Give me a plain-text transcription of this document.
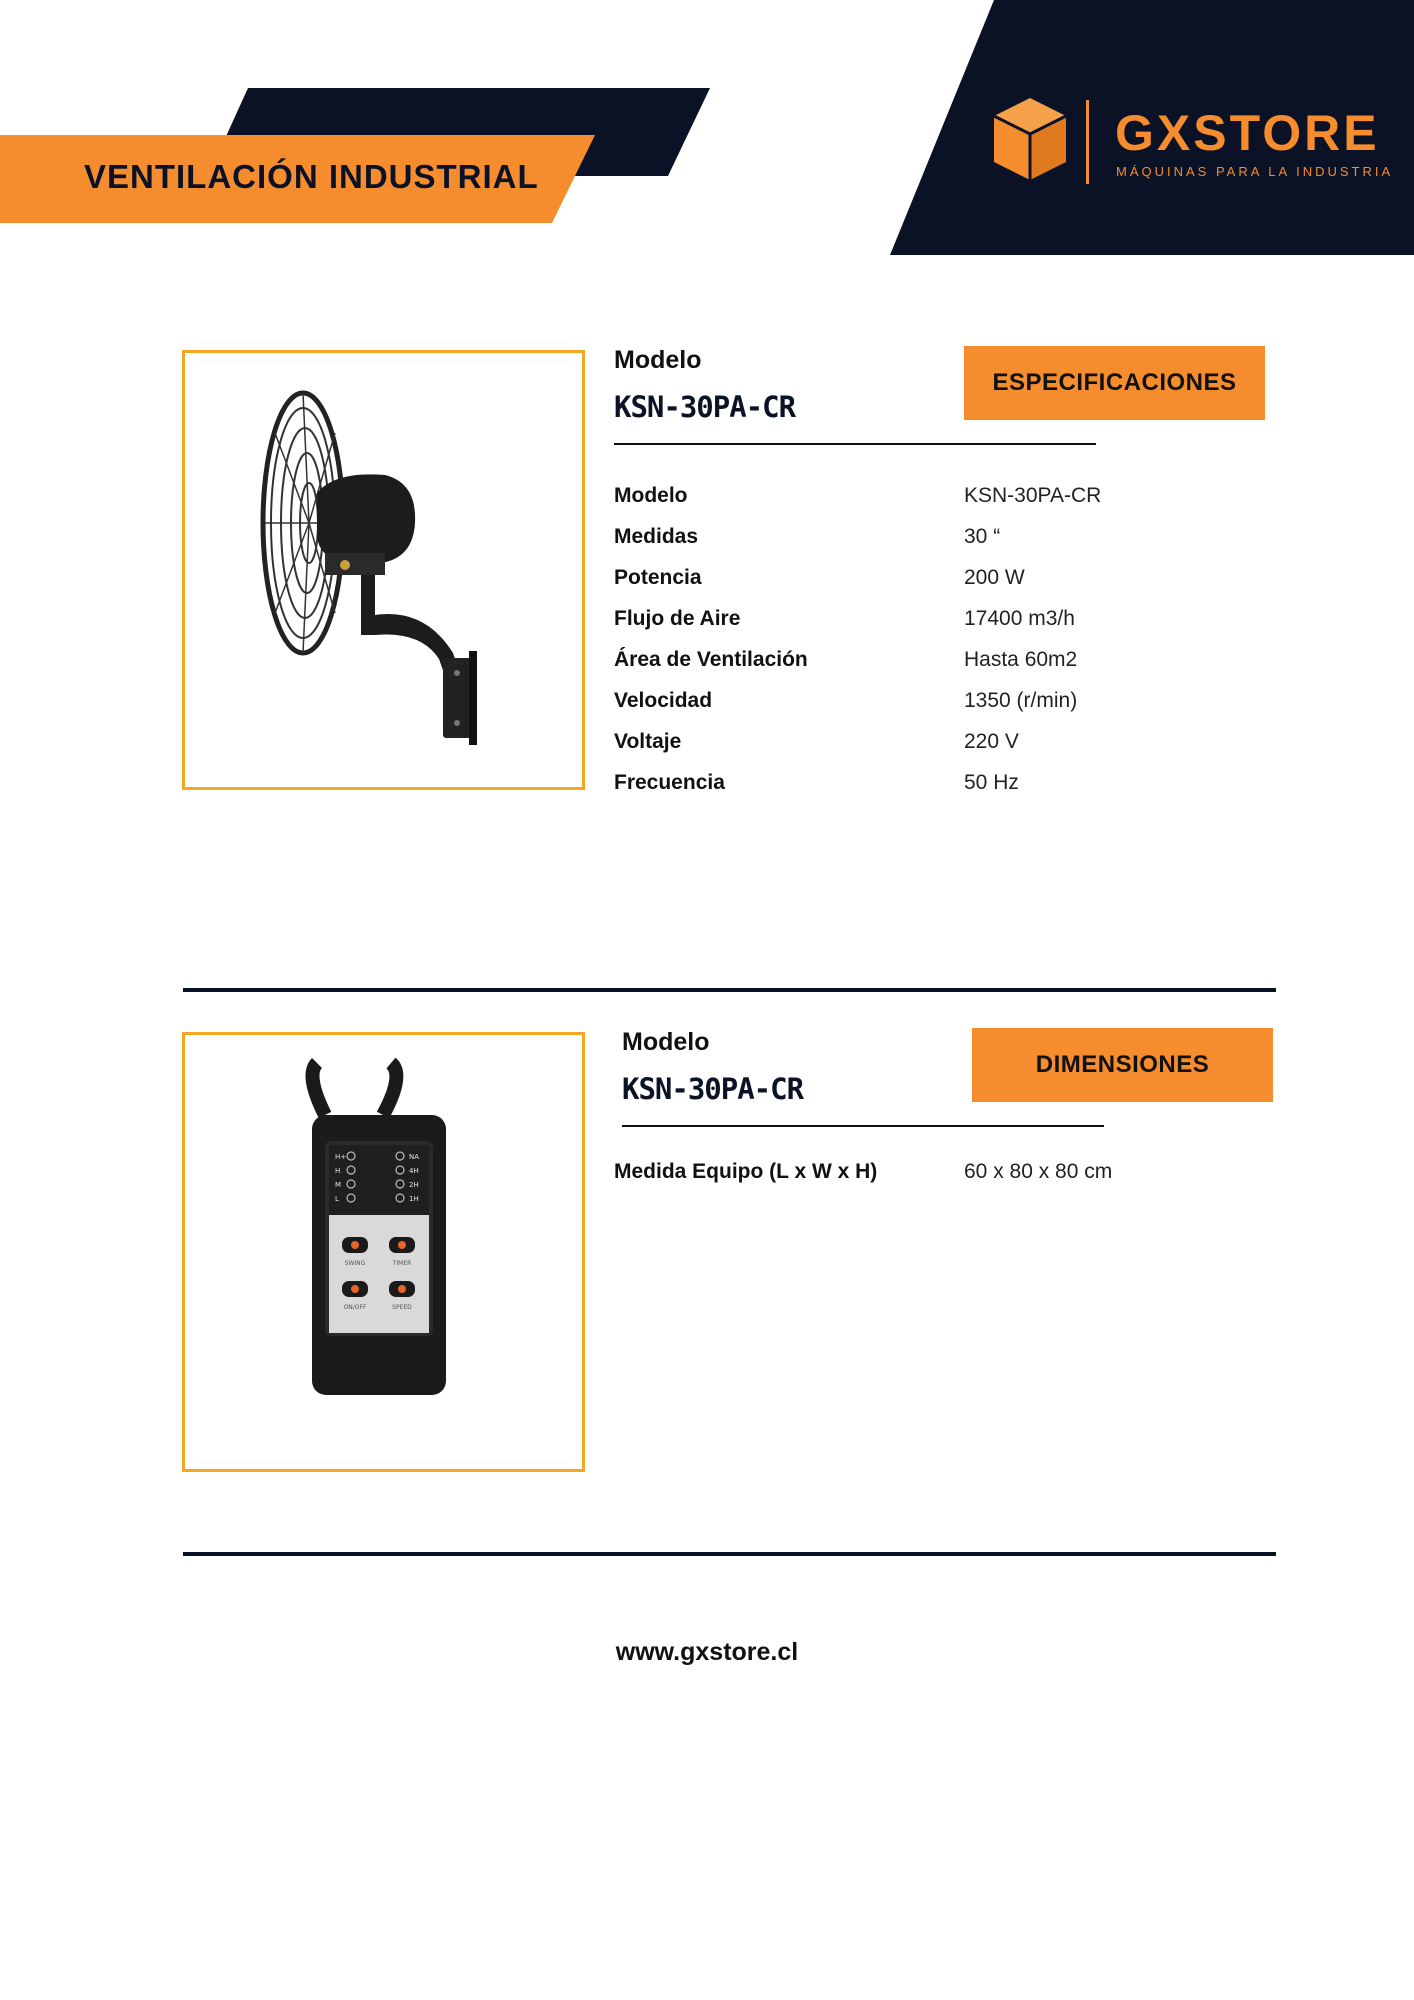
VENTILACIÓN INDUSTRIAL
GXSTORE
MÁQUINAS PARA LA INDUSTRIA
Modelo
KSN-30PA-CR
ESPECIFICACIONES
Modelo	KSN-30PA-CR
Medidas	30 “
Potencia	200 W
Flujo de Aire	17400 m3/h
Área de Ventilación	Hasta 60m2
Velocidad	1350 (r/min)
Voltaje	220 V
Frecuencia	50 Hz
H+
H
M
L
NA
4H
2H
1H
SWING	TIMER
ON/OFF	SPEED
Modelo
KSN-30PA-CR
DIMENSIONES
Medida Equipo (L x W x H)	60 x 80 x 80 cm
www.gxstore.cl
